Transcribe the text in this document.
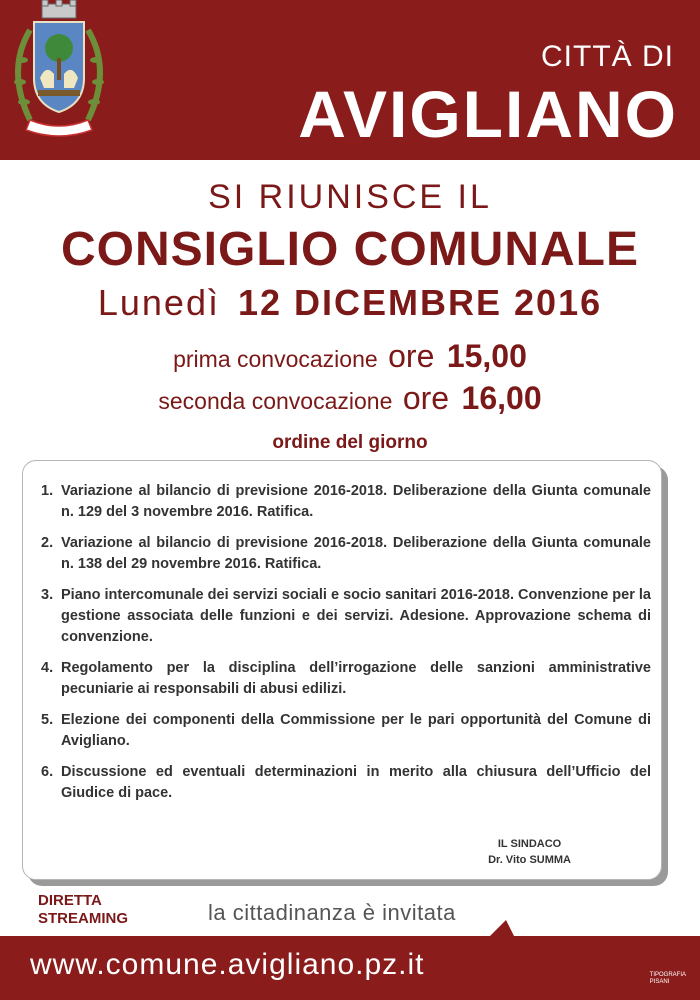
CITTÀ DI
AVIGLIANO
SI RIUNISCE IL
CONSIGLIO COMUNALE
Lunedì 12 DICEMBRE 2016
prima convocazione ore 15,00
seconda convocazione ore 16,00
ordine del giorno
1. Variazione al bilancio di previsione 2016-2018. Deliberazione della Giunta comunale n. 129 del 3 novembre 2016. Ratifica.
2. Variazione al bilancio di previsione 2016-2018. Deliberazione della Giunta comunale n. 138 del 29 novembre 2016. Ratifica.
3. Piano intercomunale dei servizi sociali e socio sanitari 2016-2018. Convenzione per la gestione associata delle funzioni e dei servizi. Adesione. Approvazione schema di convenzione.
4. Regolamento per la disciplina dell’irrogazione delle sanzioni amministrative pecuniarie ai responsabili di abusi edilizi.
5. Elezione dei componenti della Commissione per le pari opportunità del Comune di Avigliano.
6. Discussione ed eventuali determinazioni in merito alla chiusura dell’Ufficio del Giudice di pace.
IL SINDACO
Dr. Vito SUMMA
DIRETTA
STREAMING	la cittadinanza è invitata
www.comune.avigliano.pz.it	TIPOGRAFIA
PISANI
